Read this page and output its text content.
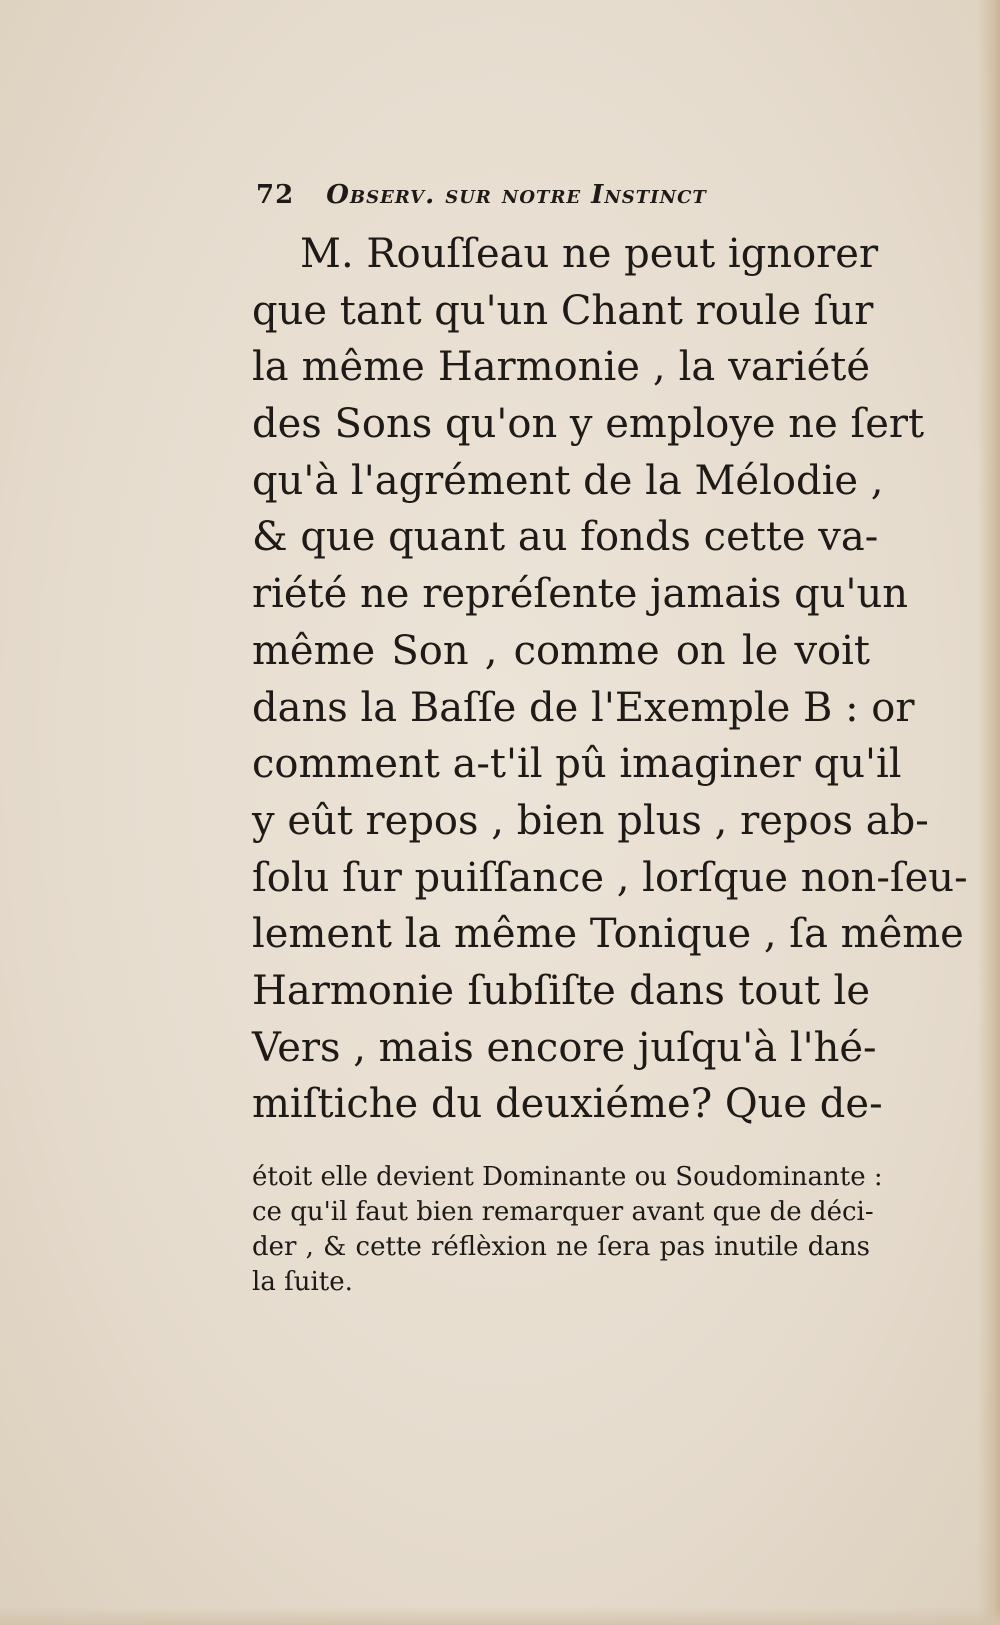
72 Observ. sur notre Instinct
M. Rouſſeau ne peut ignorer
que tant qu'un Chant roule ſur
la même Harmonie , la variété
des Sons qu'on y employe ne ſert
qu'à l'agrément de la Mélodie ,
& que quant au fonds cette va-
riété ne repréſente jamais qu'un
même Son , comme on le voit
dans la Baſſe de l'Exemple B : or
comment a-t'il pû imaginer qu'il
y eût repos , bien plus , repos ab-
ſolu ſur puiſſance , lorſque non-ſeu-
lement la même Tonique , ſa même
Harmonie ſubſiſte dans tout le
Vers , mais encore juſqu'à l'hé-
miſtiche du deuxiéme? Que de-
étoit elle devient Dominante ou Soudominante :
ce qu'il faut bien remarquer avant que de déci-
der , & cette réflèxion ne ſera pas inutile dans
la ſuite.
